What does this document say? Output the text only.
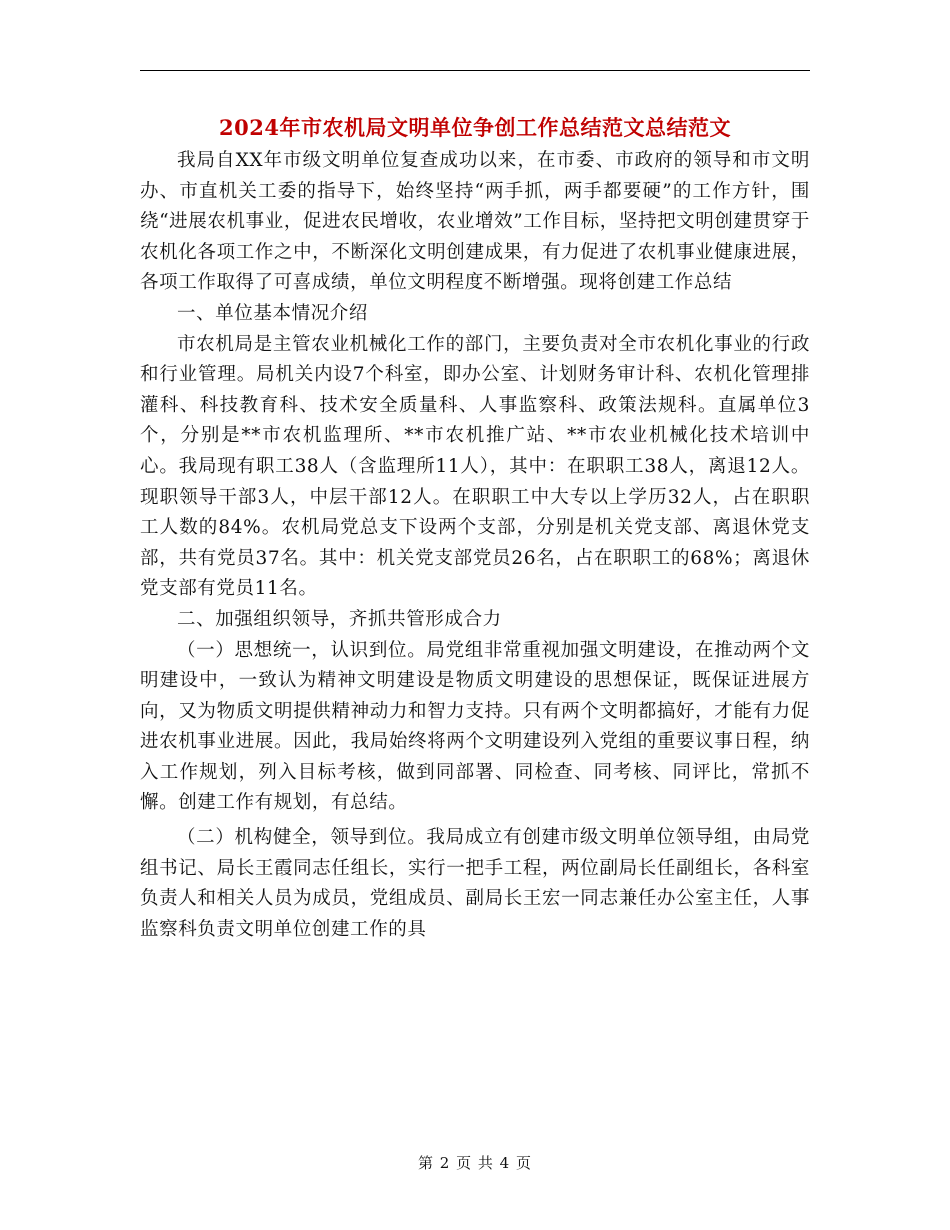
2024年市农机局文明单位争创工作总结范文总结范文

我局自XX年市级文明单位复查成功以来，在市委、市政府的领导和市文明办、市直机关工委的指导下，始终坚持“两手抓，两手都要硬”的工作方针，围绕“进展农机事业，促进农民增收，农业增效”工作目标，坚持把文明创建贯穿于农机化各项工作之中，不断深化文明创建成果，有力促进了农机事业健康进展，各项工作取得了可喜成绩，单位文明程度不断增强。现将创建工作总结

一、单位基本情况介绍

市农机局是主管农业机械化工作的部门，主要负责对全市农机化事业的行政和行业管理。局机关内设7个科室，即办公室、计划财务审计科、农机化管理排灌科、科技教育科、技术安全质量科、人事监察科、政策法规科。直属单位3个，分别是**市农机监理所、**市农机推广站、**市农业机械化技术培训中心。我局现有职工38人（含监理所11人），其中：在职职工38人，离退12人。现职领导干部3人，中层干部12人。在职职工中大专以上学历32人，占在职职工人数的84%。农机局党总支下设两个支部，分别是机关党支部、离退休党支部，共有党员37名。其中：机关党支部党员26名，占在职职工的68%；离退休党支部有党员11名。

二、加强组织领导，齐抓共管形成合力

（一）思想统一，认识到位。局党组非常重视加强文明建设，在推动两个文明建设中，一致认为精神文明建设是物质文明建设的思想保证，既保证进展方向，又为物质文明提供精神动力和智力支持。只有两个文明都搞好，才能有力促进农机事业进展。因此，我局始终将两个文明建设列入党组的重要议事日程，纳入工作规划，列入目标考核，做到同部署、同检查、同考核、同评比，常抓不懈。创建工作有规划，有总结。

（二）机构健全，领导到位。我局成立有创建市级文明单位领导组，由局党组书记、局长王霞同志任组长，实行一把手工程，两位副局长任副组长，各科室负责人和相关人员为成员，党组成员、副局长王宏一同志兼任办公室主任，人事监察科负责文明单位创建工作的具

第 2 页 共 4 页
